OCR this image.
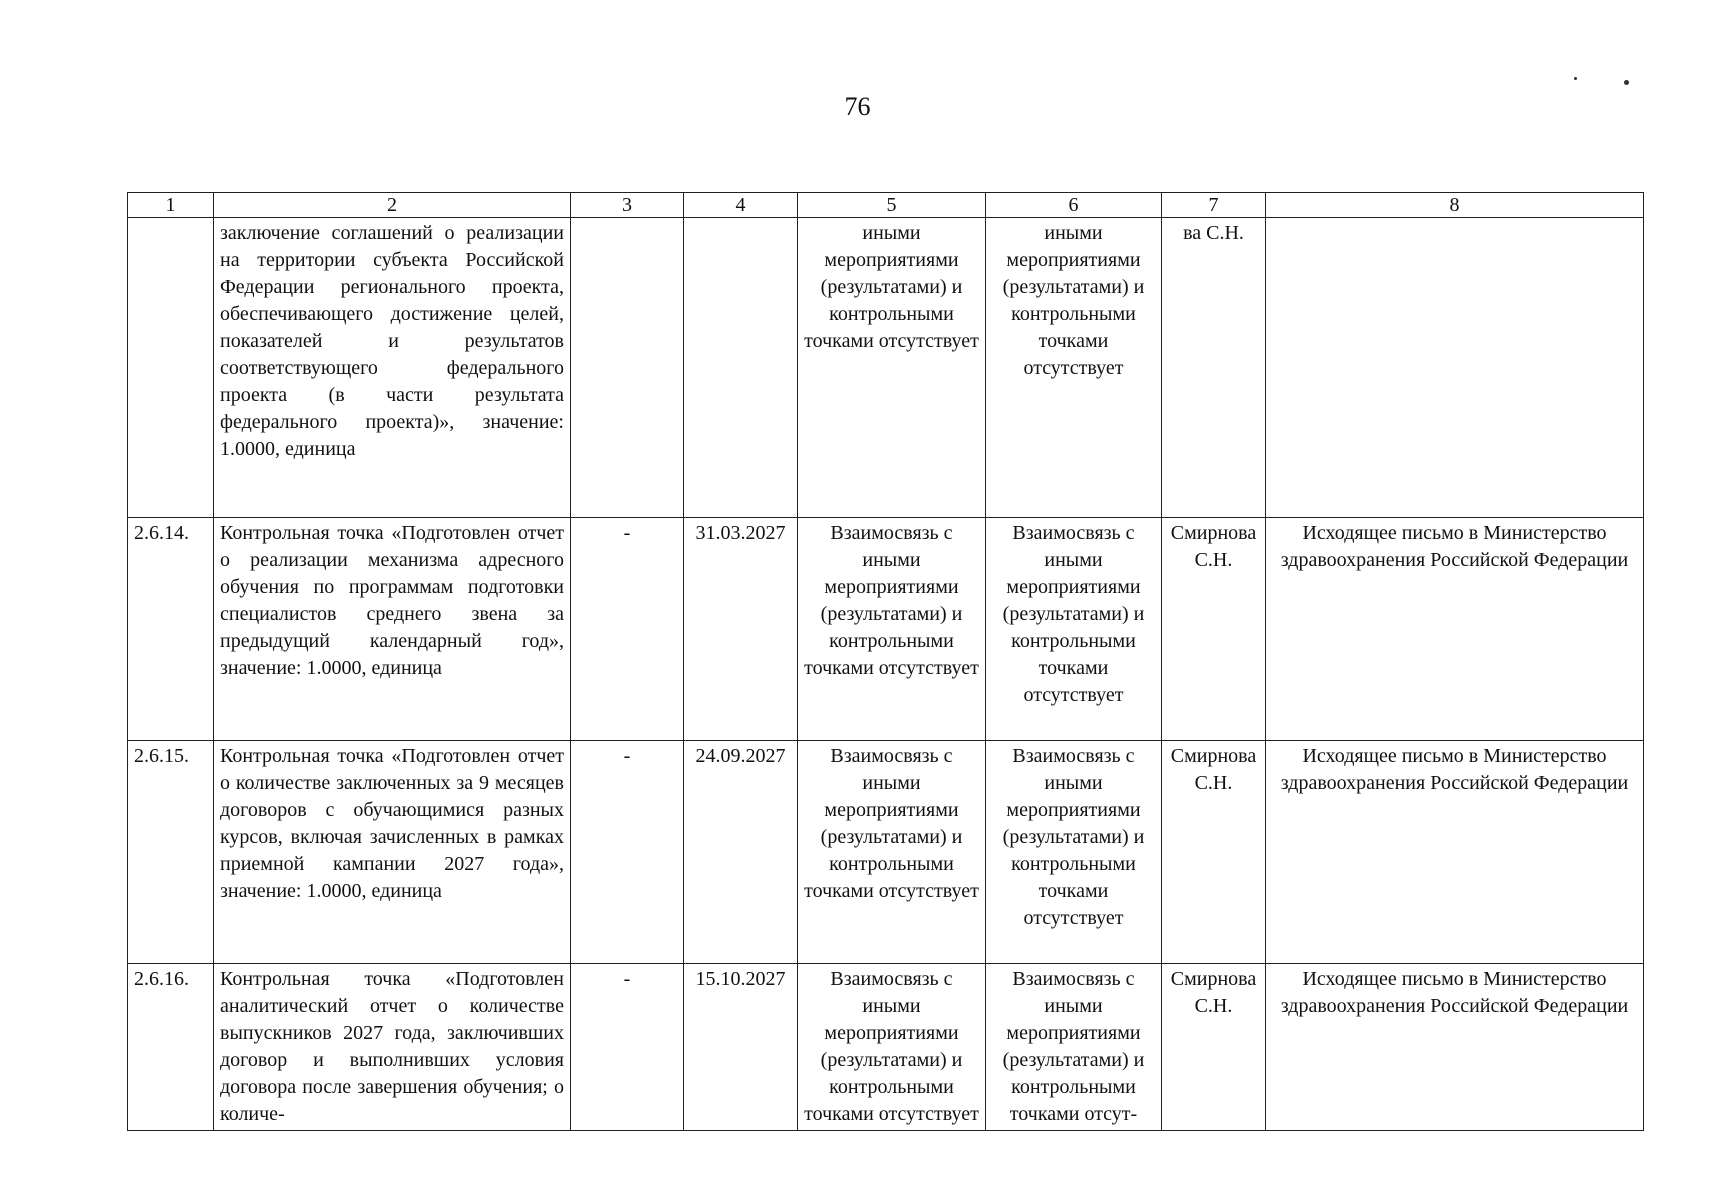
76
1	2	3	4	5	6	7	8
	заключение соглашений о реализации на территории субъекта Российской Федерации регионального проекта, обеспечивающего достижение целей, показателей и результатов соответствующего федерального проекта (в части результата федерального проекта)», значение: 1.0000, единица			иными мероприятиями (результатами) и контрольными точками отсутствует	иными мероприятиями (результатами) и контрольными точками отсутствует	ва С.Н.	
2.6.14.	Контрольная точка «Подготовлен отчет о реализации механизма адресного обучения по программам подготовки специалистов среднего звена за предыдущий календарный год», значение: 1.0000, единица	-	31.03.2027	Взаимосвязь с иными мероприятиями (результатами) и контрольными точками отсутствует	Взаимосвязь с иными мероприятиями (результатами) и контрольными точками отсутствует	Смирнова С.Н.	Исходящее письмо в Министерство здравоохранения Российской Федерации
2.6.15.	Контрольная точка «Подготовлен отчет о количестве заключенных за 9 месяцев договоров с обучающимися разных курсов, включая зачисленных в рамках приемной кампании 2027 года», значение: 1.0000, единица	-	24.09.2027	Взаимосвязь с иными мероприятиями (результатами) и контрольными точками отсутствует	Взаимосвязь с иными мероприятиями (результатами) и контрольными точками отсутствует	Смирнова С.Н.	Исходящее письмо в Министерство здравоохранения Российской Федерации
2.6.16.	Контрольная точка «Подготовлен аналитический отчет о количестве выпускников 2027 года, заключивших договор и выполнивших условия договора после завершения обучения; о количе-	-	15.10.2027	Взаимосвязь с иными мероприятиями (результатами) и контрольными точками отсутствует	Взаимосвязь с иными мероприятиями (результатами) и контрольными точками отсут-	Смирнова С.Н.	Исходящее письмо в Министерство здравоохранения Российской Федерации
